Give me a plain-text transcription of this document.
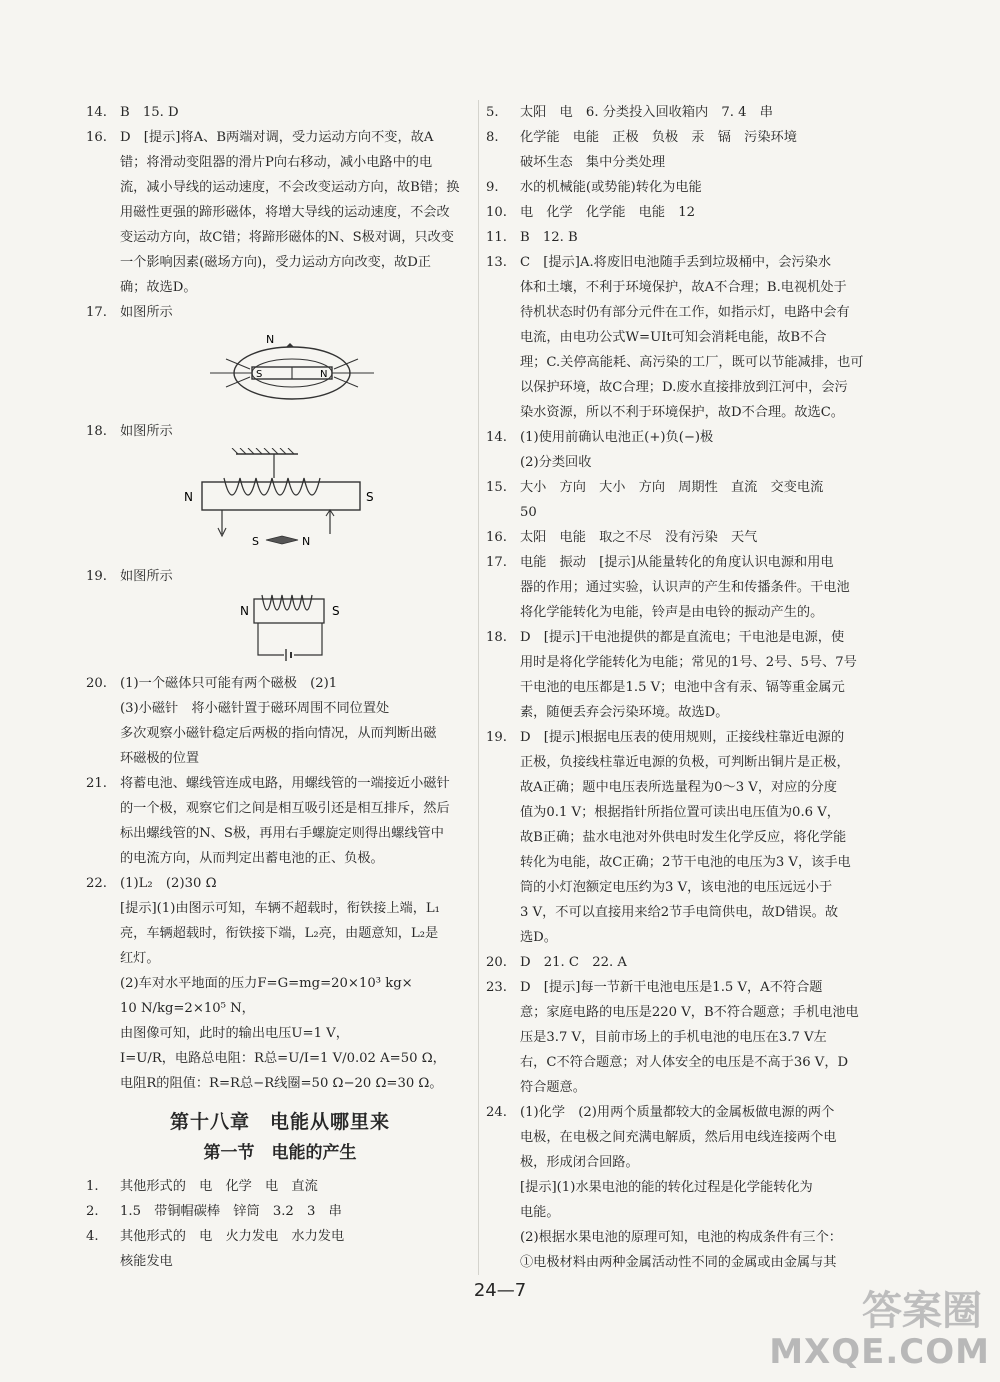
14. B　15. D
16. D　[提示]将A、B两端对调，受力运动方向不变，故A
错；将滑动变阻器的滑片P向右移动，减小电路中的电
流，减小导线的运动速度，不会改变运动方向，故B错；换
用磁性更强的蹄形磁体，将增大导线的运动速度，不会改
变运动方向，故C错；将蹄形磁体的N、S极对调，只改变
一个影响因素(磁场方向)，受力运动方向改变，故D正
确；故选D。
17. 如图所示
N
S	N
18. 如图所示
N	S
S	N
19. 如图所示
N	S
20. (1)一个磁体只可能有两个磁极　(2)1
(3)小磁针　将小磁针置于磁环周围不同位置处
多次观察小磁针稳定后两极的指向情况，从而判断出磁
环磁极的位置
21. 将蓄电池、螺线管连成电路，用螺线管的一端接近小磁针
的一个极，观察它们之间是相互吸引还是相互排斥，然后
标出螺线管的N、S极，再用右手螺旋定则得出螺线管中
的电流方向，从而判定出蓄电池的正、负极。
22. (1)L₂　(2)30 Ω
[提示](1)由图示可知，车辆不超载时，衔铁接上端，L₁
亮，车辆超载时，衔铁接下端，L₂亮，由题意知，L₂是
红灯。
(2)车对水平地面的压力F=G=mg=20×10³ kg×
10 N/kg=2×10⁵ N，
由图像可知，此时的输出电压U=1 V，
I=U/R，电路总电阻：R总=U/I=1 V/0.02 A=50 Ω，
电阻R的阻值：R=R总−R线圈=50 Ω−20 Ω=30 Ω。
第十八章　电能从哪里来
第一节　电能的产生
1.	其他形式的　电　化学　电　直流
2.	1.5　带铜帽碳棒　锌筒　3.2　3　串
4.	其他形式的　电　火力发电　水力发电
核能发电
5.	太阳　电　6. 分类投入回收箱内　7. 4　串
8.	化学能　电能　正极　负极　汞　镉　污染环境
破坏生态　集中分类处理
9.	水的机械能(或势能)转化为电能
10. 电　化学　化学能　电能　12
11. B　12. B
13. C　[提示]A.将废旧电池随手丢到垃圾桶中，会污染水
体和土壤，不利于环境保护，故A不合理；B.电视机处于
待机状态时仍有部分元件在工作，如指示灯，电路中会有
电流，由电功公式W=UIt可知会消耗电能，故B不合
理；C.关停高能耗、高污染的工厂，既可以节能减排，也可
以保护环境，故C合理；D.废水直接排放到江河中，会污
染水资源，所以不利于环境保护，故D不合理。故选C。
14. (1)使用前确认电池正(+)负(−)极
(2)分类回收
15. 大小　方向　大小　方向　周期性　直流　交变电流
50
16. 太阳　电能　取之不尽　没有污染　天气
17. 电能　振动　[提示]从能量转化的角度认识电源和用电
器的作用；通过实验，认识声的产生和传播条件。干电池
将化学能转化为电能，铃声是由电铃的振动产生的。
18. D　[提示]干电池提供的都是直流电；干电池是电源，使
用时是将化学能转化为电能；常见的1号、2号、5号、7号
干电池的电压都是1.5 V；电池中含有汞、镉等重金属元
素，随便丢弃会污染环境。故选D。
19. D　[提示]根据电压表的使用规则，正接线柱靠近电源的
正极，负接线柱靠近电源的负极，可判断出铜片是正极，
故A正确；题中电压表所选量程为0～3 V，对应的分度
值为0.1 V；根据指针所指位置可读出电压值为0.6 V，
故B正确；盐水电池对外供电时发生化学反应，将化学能
转化为电能，故C正确；2节干电池的电压为3 V，该手电
筒的小灯泡额定电压约为3 V，该电池的电压远远小于
3 V，不可以直接用来给2节手电筒供电，故D错误。故
选D。
20. D　21. C　22. A
23. D　[提示]每一节新干电池电压是1.5 V，A不符合题
意；家庭电路的电压是220 V，B不符合题意；手机电池电
压是3.7 V，目前市场上的手机电池的电压在3.7 V左
右，C不符合题意；对人体安全的电压是不高于36 V，D
符合题意。
24. (1)化学　(2)用两个质量都较大的金属板做电源的两个
电极，在电极之间充满电解质，然后用电线连接两个电
极，形成闭合回路。
[提示](1)水果电池的能的转化过程是化学能转化为
电能。
(2)根据水果电池的原理可知，电池的构成条件有三个：
①电极材料由两种金属活动性不同的金属或由金属与其
24—7	答案圈
MXQE.COM
